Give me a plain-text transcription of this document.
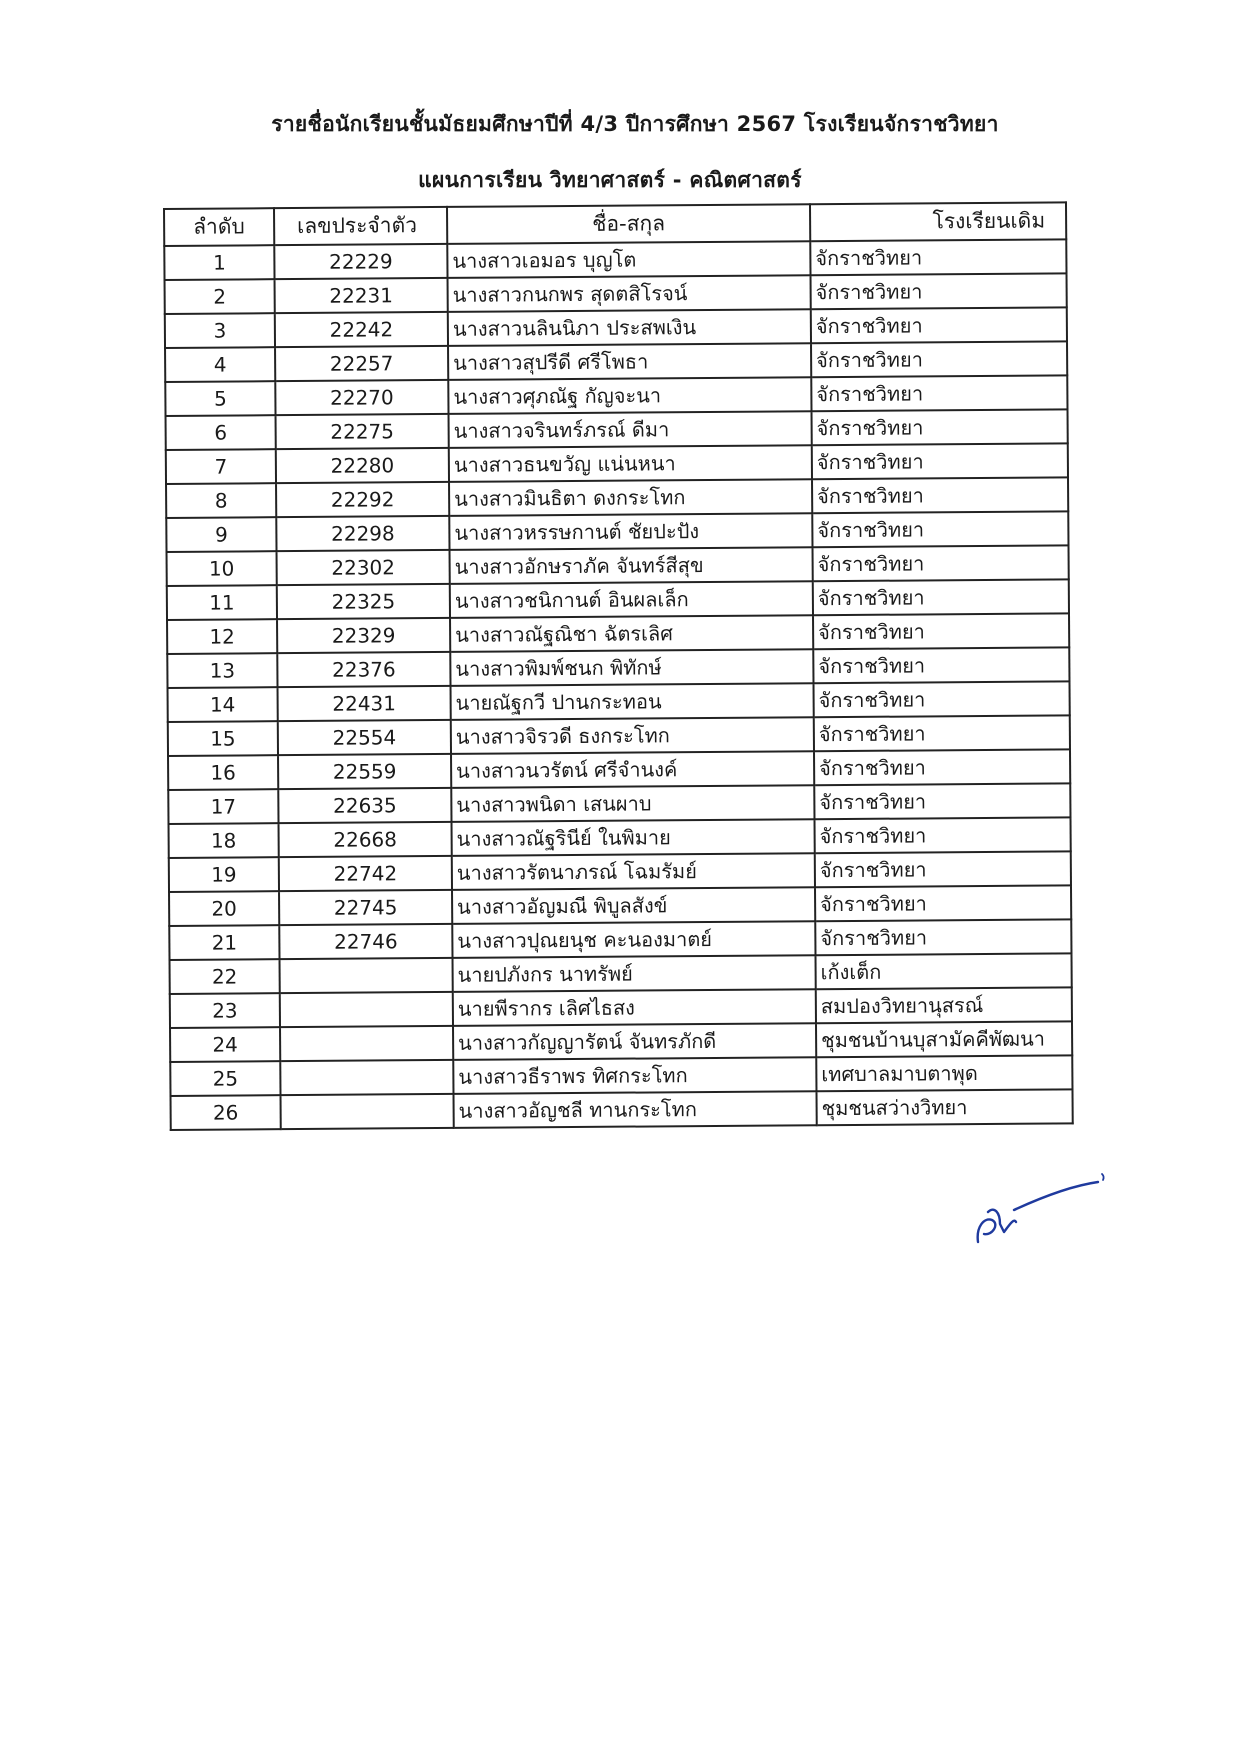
รายชื่อนักเรียนชั้นมัธยมศึกษาปีที่ 4/3 ปีการศึกษา 2567 โรงเรียนจักราชวิทยา
แผนการเรียน วิทยาศาสตร์ - คณิตศาสตร์
ลำดับ	เลขประจำตัว	ชื่อ-สกุล	โรงเรียนเดิม
1	22229	นางสาวเอมอร บุญโต	จักราชวิทยา
2	22231	นางสาวกนกพร สุดตสิโรจน์	จักราชวิทยา
3	22242	นางสาวนลินนิภา ประสพเงิน	จักราชวิทยา
4	22257	นางสาวสุปรีดี ศรีโพธา	จักราชวิทยา
5	22270	นางสาวศุภณัฐ กัญจะนา	จักราชวิทยา
6	22275	นางสาวจรินทร์ภรณ์ ดีมา	จักราชวิทยา
7	22280	นางสาวธนขวัญ แน่นหนา	จักราชวิทยา
8	22292	นางสาวมินธิตา ดงกระโทก	จักราชวิทยา
9	22298	นางสาวหรรษกานต์ ชัยปะปัง	จักราชวิทยา
10	22302	นางสาวอักษราภัค จันทร์สีสุข	จักราชวิทยา
11	22325	นางสาวชนิกานต์ อินผลเล็ก	จักราชวิทยา
12	22329	นางสาวณัฐณิชา ฉัตรเลิศ	จักราชวิทยา
13	22376	นางสาวพิมพ์ชนก พิทักษ์	จักราชวิทยา
14	22431	นายณัฐกวี ปานกระทอน	จักราชวิทยา
15	22554	นางสาวจิรวดี ธงกระโทก	จักราชวิทยา
16	22559	นางสาวนวรัตน์ ศรีจำนงค์	จักราชวิทยา
17	22635	นางสาวพนิดา เสนผาบ	จักราชวิทยา
18	22668	นางสาวณัฐรินีย์ ในพิมาย	จักราชวิทยา
19	22742	นางสาวรัตนาภรณ์ โฉมรัมย์	จักราชวิทยา
20	22745	นางสาวอัญมณี พิบูลสังข์	จักราชวิทยา
21	22746	นางสาวปุณยนุช คะนองมาตย์	จักราชวิทยา
22		นายปภังกร นาทรัพย์	เก้งเต็ก
23		นายพีรากร เลิศไธสง	สมปองวิทยานุสรณ์
24		นางสาวกัญญารัตน์ จันทรภักดี	ชุมชนบ้านบุสามัคคีพัฒนา
25		นางสาวธีราพร ทิศกระโทก	เทศบาลมาบตาพุด
26		นางสาวอัญชลี ทานกระโทก	ชุมชนสว่างวิทยา
